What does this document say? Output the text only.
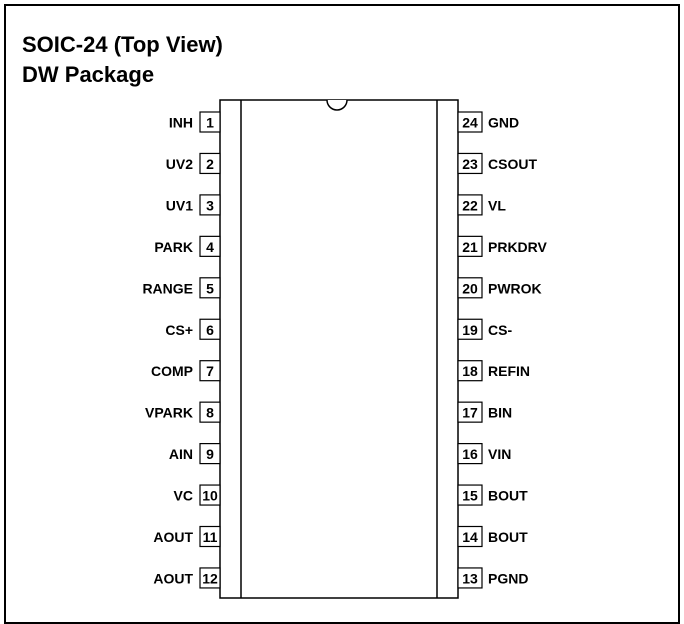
SOIC-24 (Top View)
DW Package
1
INH
2
UV2
3
UV1
4
PARK
5
RANGE
6
CS+
7
COMP
8
VPARK
9
AIN
10
VC
11
AOUT
12
AOUT
24 GND
23 CSOUT
22 VL
21 PRKDRV
20 PWROK
19 CS-
18 REFIN
17 BIN
16 VIN
15 BOUT
14 BOUT
13 PGND
